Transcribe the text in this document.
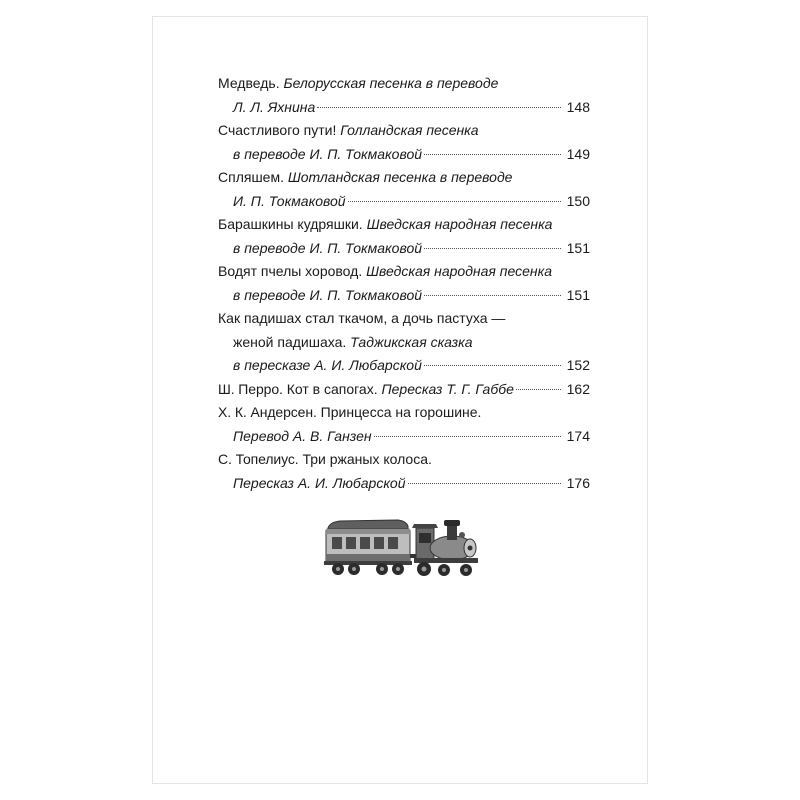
Медведь.
Белорусская песенка в переводе
Л. Л. Яхнина	148
Счастливого пути!
Голландская песенка
в переводе И. П. Токмаковой	149
Спляшем.
Шотландская песенка в переводе
И. П. Токмаковой	150
Барашкины кудряшки.
Шведская народная песенка
в переводе И. П. Токмаковой	151
Водят пчелы хоровод.
Шведская народная песенка
в переводе И. П. Токмаковой	151
Как падишах стал ткачом, а дочь пастуха —
женой падишаха.
Таджикская сказка
в пересказе А. И. Любарской	152
Ш. Перро.
Кот в сапогах.
Пересказ Т. Г. Габбе	162
Х. К. Андерсен.
Принцесса на горошине.
Перевод А. В. Ганзен	174
С. Топелиус.
Три ржаных колоса.
Пересказ А. И. Любарской	176
